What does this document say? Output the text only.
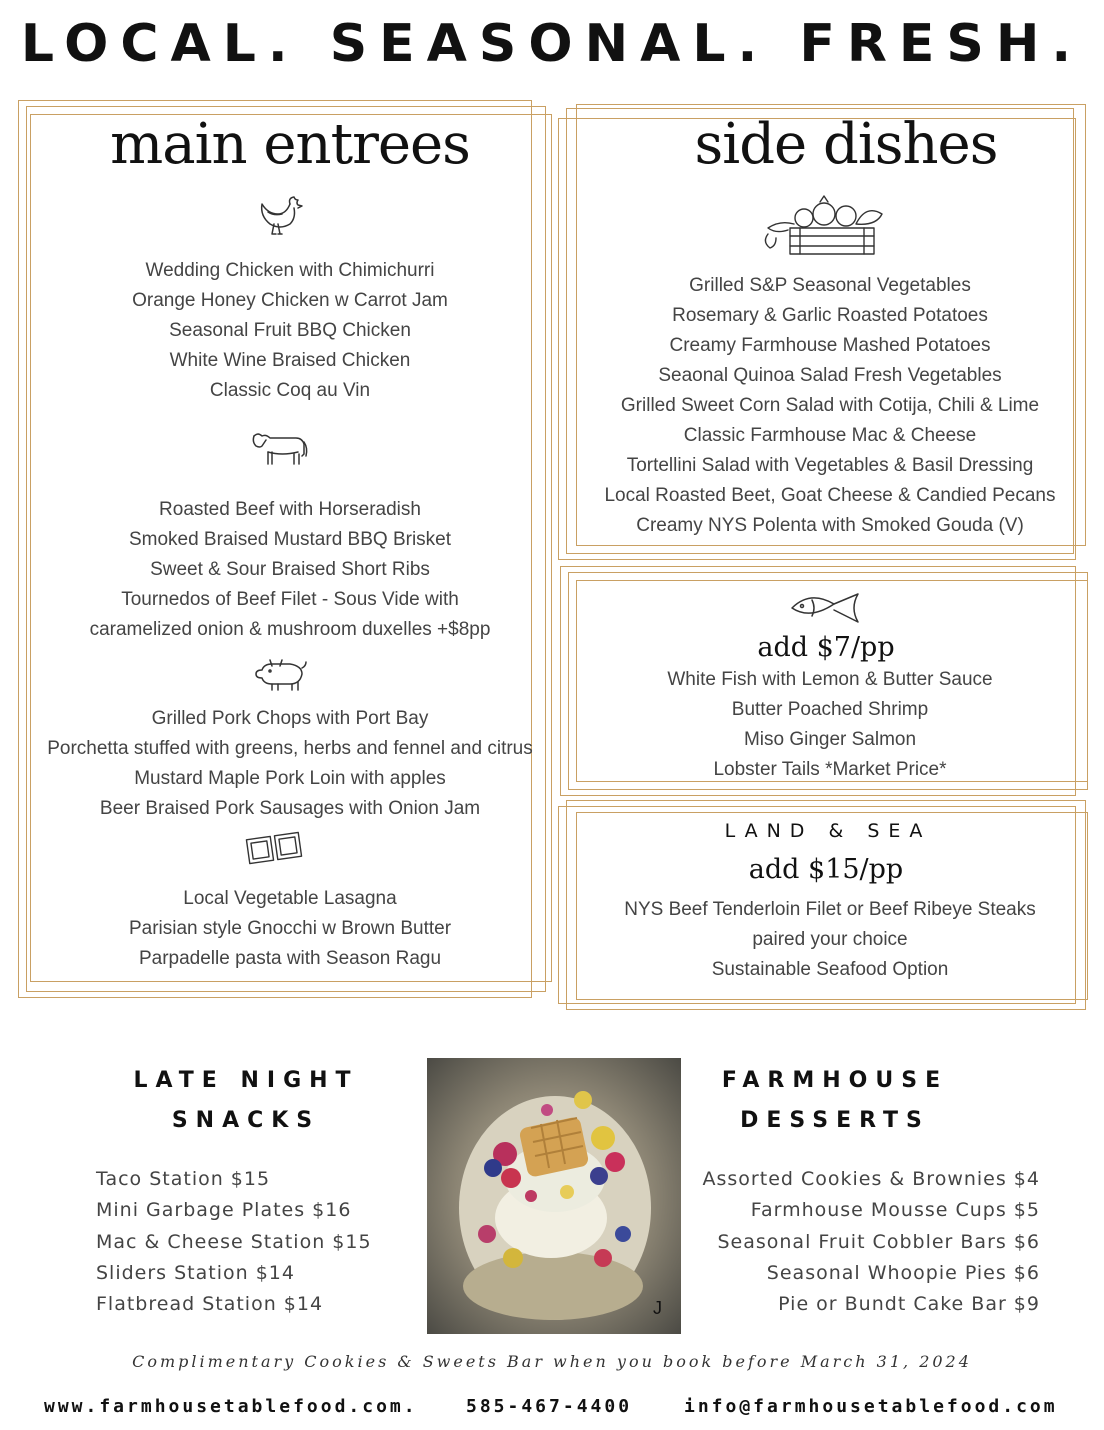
LOCAL. SEASONAL. FRESH.
main entrees
Wedding Chicken with Chimichurri
Orange Honey Chicken w Carrot Jam
Seasonal Fruit BBQ Chicken
White Wine Braised Chicken
Classic Coq au Vin
Roasted Beef with Horseradish
Smoked Braised Mustard BBQ Brisket
Sweet & Sour Braised Short Ribs
Tournedos of Beef Filet - Sous Vide with
caramelized onion & mushroom duxelles +$8pp
Grilled Pork Chops with Port Bay
Porchetta stuffed with greens, herbs and fennel and citrus
Mustard Maple Pork Loin with apples
Beer Braised Pork Sausages with Onion Jam
Local Vegetable Lasagna
Parisian style Gnocchi w Brown Butter
Parpadelle pasta with Season Ragu
side dishes
Grilled S&P Seasonal Vegetables
Rosemary & Garlic Roasted Potatoes
Creamy Farmhouse Mashed Potatoes
Seaonal Quinoa Salad Fresh Vegetables
Grilled Sweet Corn Salad with Cotija, Chili & Lime
Classic Farmhouse Mac & Cheese
Tortellini Salad with Vegetables & Basil Dressing
Local Roasted Beet, Goat Cheese & Candied Pecans
Creamy NYS Polenta with Smoked Gouda (V)
add $7/pp
White Fish with Lemon & Butter Sauce
Butter Poached Shrimp
Miso Ginger Salmon
Lobster Tails *Market Price*
LAND & SEA
add $15/pp
NYS Beef Tenderloin Filet or Beef Ribeye Steaks
paired your choice
Sustainable Seafood Option
LATE NIGHT
SNACKS
Taco Station $15
Mini Garbage Plates $16
Mac & Cheese Station $15
Sliders Station $14
Flatbread Station $14	J
FARMHOUSE
DESSERTS
Assorted Cookies & Brownies $4
Farmhouse Mousse Cups $5
Seasonal Fruit Cobbler Bars $6
Seasonal Whoopie Pies $6
Pie or Bundt Cake Bar $9
Complimentary Cookies & Sweets Bar when you book before March 31, 2024
www.farmhousetablefood.com.	585-467-4400	info@farmhousetablefood.com
